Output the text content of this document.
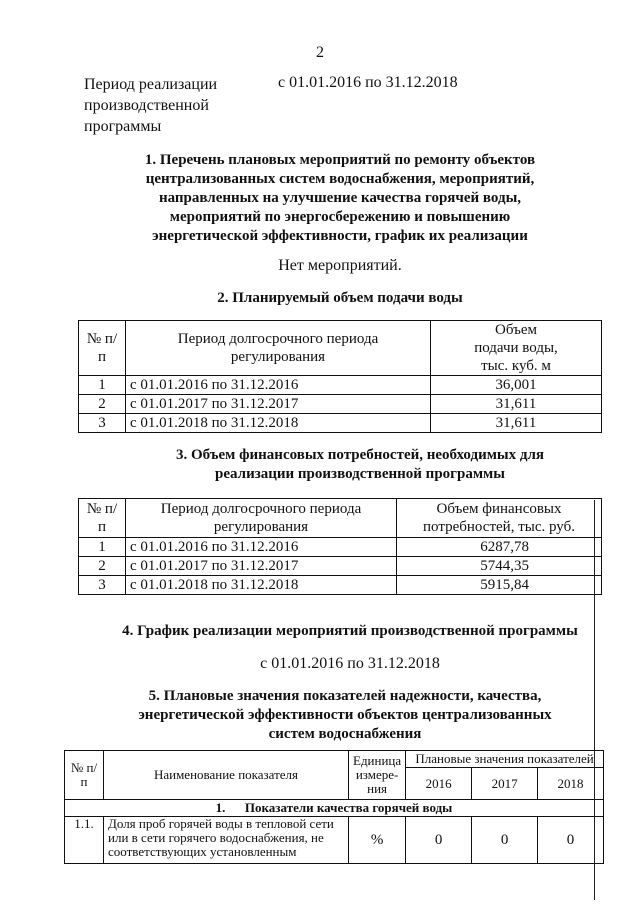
2
Период реализации производственной программы
с 01.01.2016 по 31.12.2018
1. Перечень плановых мероприятий по ремонту объектов централизованных систем водоснабжения, мероприятий, направленных на улучшение качества горячей воды, мероприятий по энергосбережению и повышению энергетической эффективности, график их реализации
Нет мероприятий.
2. Планируемый объем подачи воды
№ п/п	Период долгосрочного периода регулирования	Объем подачи воды, тыс. куб. м
1	с 01.01.2016 по 31.12.2016	36,001
2	с 01.01.2017 по 31.12.2017	31,611
3	с 01.01.2018 по 31.12.2018	31,611
3. Объем финансовых потребностей, необходимых для реализации производственной программы
№ п/п	Период долгосрочного периода регулирования	Объем финансовых потребностей, тыс. руб.
1	с 01.01.2016 по 31.12.2016	6287,78
2	с 01.01.2017 по 31.12.2017	5744,35
3	с 01.01.2018 по 31.12.2018	5915,84
4. График реализации мероприятий производственной программы
с 01.01.2016 по 31.12.2018
5. Плановые значения показателей надежности, качества, энергетической эффективности объектов централизованных систем водоснабжения
№ п/п	Наименование показателя	Единица измере-ния	Плановые значения показателей		
			2016	2017	2018
1. Показатели качества горячей воды					
1.1.	Доля проб горячей воды в тепловой сети или в сети горячего водоснабжения, не соответствующих установленным	%	0	0	0
